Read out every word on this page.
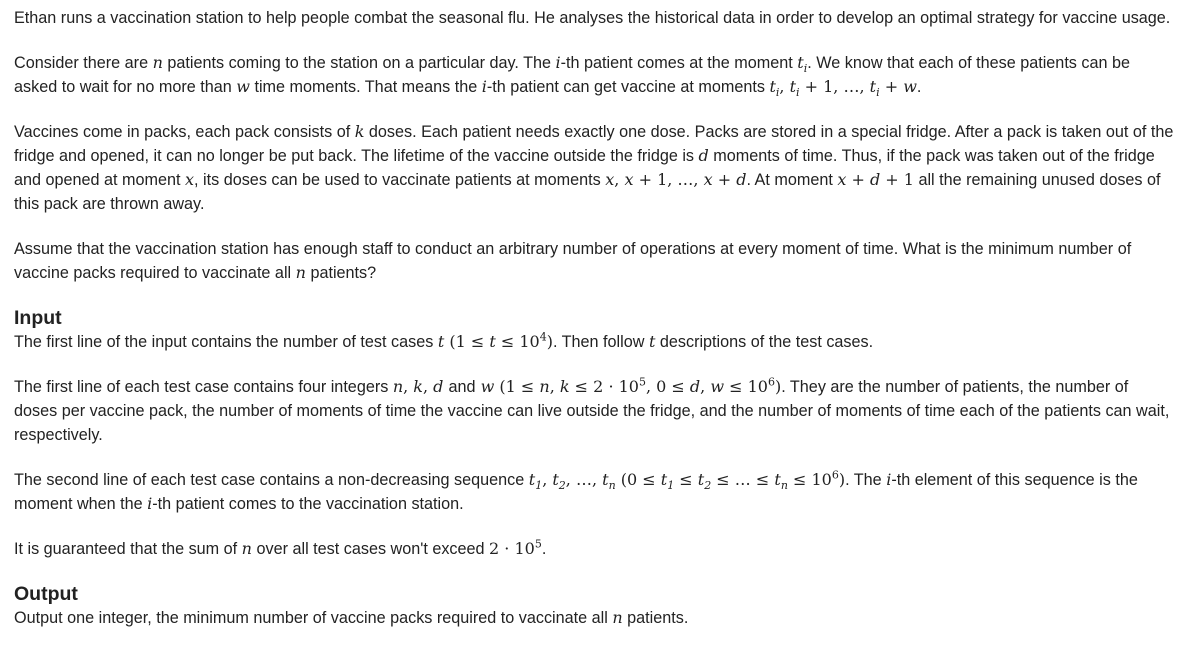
Ethan runs a vaccination station to help people combat the seasonal flu. He analyses the historical data in order to develop an optimal strategy for vaccine usage.

Consider there are n patients coming to the station on a particular day. The i-th patient comes at the moment $t_i$. We know that each of these patients can be asked to wait for no more than w time moments. That means the i-th patient can get vaccine at moments $t_i$, $t_i + 1$, …, $t_i + w$.

Vaccines come in packs, each pack consists of k doses. Each patient needs exactly one dose. Packs are stored in a special fridge. After a pack is taken out of the fridge and opened, it can no longer be put back. The lifetime of the vaccine outside the fridge is d moments of time. Thus, if the pack was taken out of the fridge and opened at moment x, its doses can be used to vaccinate patients at moments x, x + 1, …, x + d. At moment x + d + 1 all the remaining unused doses of this pack are thrown away.

Assume that the vaccination station has enough staff to conduct an arbitrary number of operations at every moment of time. What is the minimum number of vaccine packs required to vaccinate all n patients?

Input

The first line of the input contains the number of test cases t $(1 \le t \le 10^4)$. Then follow t descriptions of the test cases.

The first line of each test case contains four integers n, k, d and w (1 ≤ n, $k \le 2 \cdot 10^5$, 0 ≤ d, $w \le 10^6$). They are the number of patients, the number of doses per vaccine pack, the number of moments of time the vaccine can live outside the fridge, and the number of moments of time each of the patients can wait, respectively.

The second line of each test case contains a non-decreasing sequence $t_1$, $t_2$, …, $t_n$ ($0 \le t_1 \le t_2$ ≤ … ≤ $t_n \le 10^6$). The i-th element of this sequence is the moment when the i-th patient comes to the vaccination station.

It is guaranteed that the sum of n over all test cases won't exceed $2 \cdot 10^5$.

Output

Output one integer, the minimum number of vaccine packs required to vaccinate all n patients.
